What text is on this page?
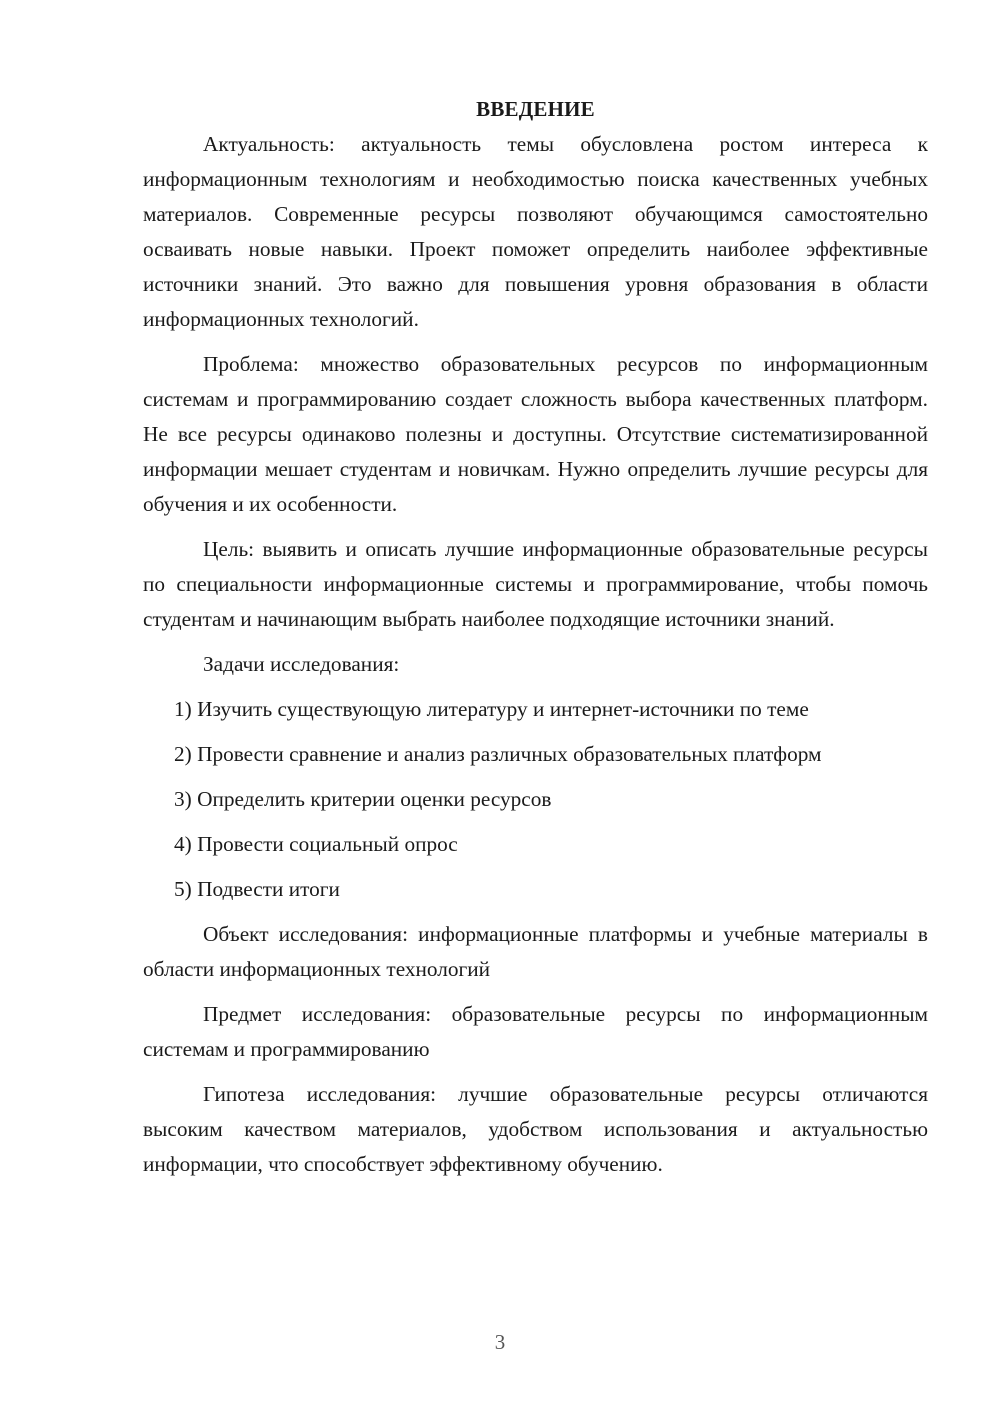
ВВЕДЕНИЕ

Актуальность: актуальность темы обусловлена ростом интереса к информационным технологиям и необходимостью поиска качественных учебных материалов. Современные ресурсы позволяют обучающимся самостоятельно осваивать новые навыки. Проект поможет определить наиболее эффективные источники знаний. Это важно для повышения уровня образования в области информационных технологий.

Проблема: множество образовательных ресурсов по информационным системам и программированию создает сложность выбора качественных платформ. Не все ресурсы одинаково полезны и доступны. Отсутствие систематизированной информации мешает студентам и новичкам. Нужно определить лучшие ресурсы для обучения и их особенности.

Цель: выявить и описать лучшие информационные образовательные ресурсы по специальности информационные системы и программирование, чтобы помочь студентам и начинающим выбрать наиболее подходящие источники знаний.

Задачи исследования:

1) Изучить существующую литературу и интернет-источники по теме

2) Провести сравнение и анализ различных образовательных платформ

3) Определить критерии оценки ресурсов

4) Провести социальный опрос

5) Подвести итоги

Объект исследования: информационные платформы и учебные материалы в области информационных технологий

Предмет исследования: образовательные ресурсы по информационным системам и программированию

Гипотеза исследования: лучшие образовательные ресурсы отличаются высоким качеством материалов, удобством использования и актуальностью информации, что способствует эффективному обучению.

3
